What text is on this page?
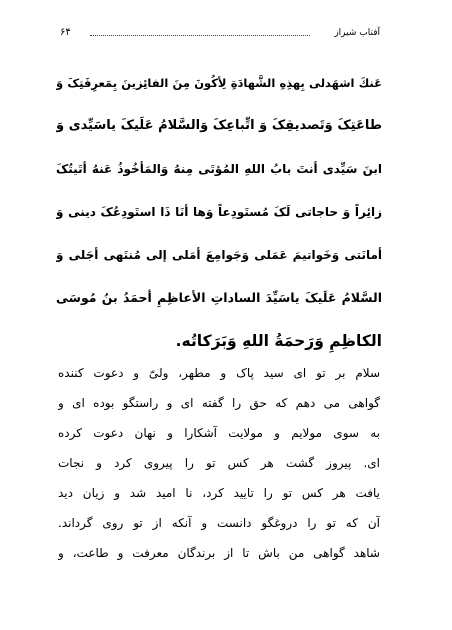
آفتاب شیراز
۶۴
عَنكَ اشهَدلی بِهذِهِ الشَّهادَةِ لِأکُونَ مِنَ الفائِزینَ بِمَعرِفَتِکَ وَ
طاعَتِکَ وَتَصدیقِکَ وَ اتِّباعِکَ وَالسَّلامُ عَلَیکَ یاسَیِّدی وَ
ابنَ سَیِّدی أنتَ بابُ اللهِ المُؤتَی مِنهُ وَالمَأخُوذُ عَنهُ أتَیتُکَ
زائِراً وَ حاجاتی لَکَ مُستَودِعاً وَها أنَا ذَا استَودِعُکَ دینی وَ
أمانَتی وَخَواتیمَ عَمَلی وَجَوامِعَ أمَلی إلی مُنتَهی أجَلی وَ
السَّلامُ عَلَیکَ یاسَیِّدَ الساداتِ الأعاظِمِ أحمَدُ بنُ مُوسَی
الکاظِمِ وَرَحمَةُ اللهِ وَبَرَکاتُه.
سلام بر تو ای سید پاک و مطهر، ولیّ و دعوت کننده
گواهی می دهم که حق را گفته ای و راستگو بوده ای و
به سوی مولایم و مولایت آشکارا و نهان دعوت کرده
ای. پیروز گشت هر کس تو را پیروی کرد و نجات
یافت هر کس تو را تایید کرد، نا امید شد و زیان دید
آن که تو را دروغگو دانست و آنکه از تو روی گرداند.
شاهد گواهی من باش تا از برندگان معرفت و طاعت، و
